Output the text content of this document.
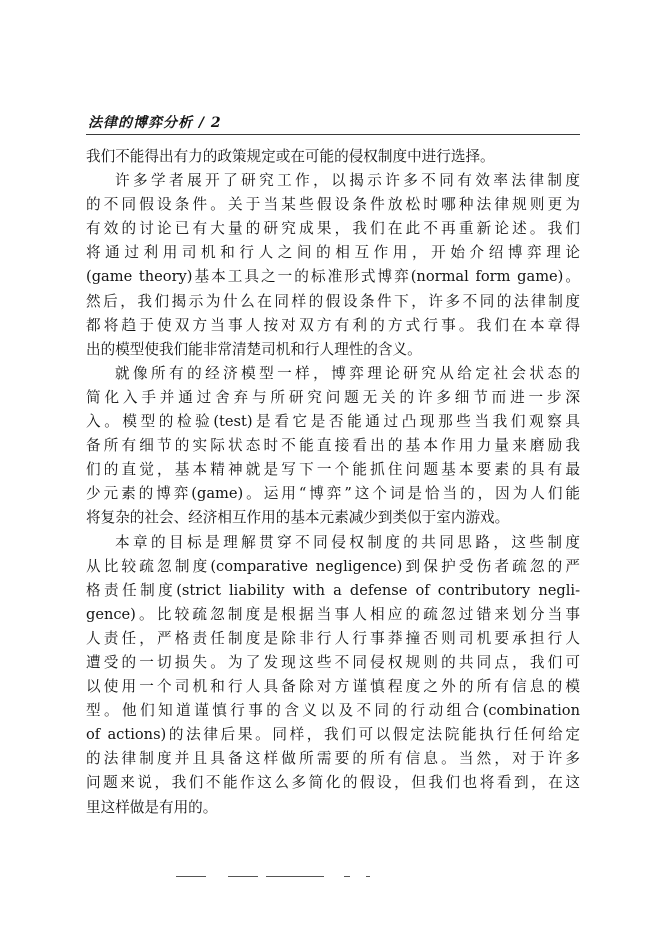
法律的博弈分析 / 2
我们不能得出有力的政策规定或在可能的侵权制度中进行选择。
许多学者展开了研究工作，以揭示许多不同有效率法律制度
的不同假设条件。关于当某些假设条件放松时哪种法律规则更为
有效的讨论已有大量的研究成果，我们在此不再重新论述。我们
将通过利用司机和行人之间的相互作用，开始介绍博弈理论
(game theory)基本工具之一的标准形式博弈(normal form game)。
然后，我们揭示为什么在同样的假设条件下，许多不同的法律制度
都将趋于使双方当事人按对双方有利的方式行事。我们在本章得
出的模型使我们能非常清楚司机和行人理性的含义。
就像所有的经济模型一样，博弈理论研究从给定社会状态的
简化入手并通过舍弃与所研究问题无关的许多细节而进一步深
入。模型的检验(test)是看它是否能通过凸现那些当我们观察具
备所有细节的实际状态时不能直接看出的基本作用力量来磨励我
们的直觉，基本精神就是写下一个能抓住问题基本要素的具有最
少元素的博弈(game)。运用“博弈”这个词是恰当的，因为人们能
将复杂的社会、经济相互作用的基本元素减少到类似于室内游戏。
本章的目标是理解贯穿不同侵权制度的共同思路，这些制度
从比较疏忽制度(comparative negligence)到保护受伤者疏忽的严
格责任制度(strict liability with a defense of contributory negli-
gence)。比较疏忽制度是根据当事人相应的疏忽过错来划分当事
人责任，严格责任制度是除非行人行事莽撞否则司机要承担行人
遭受的一切损失。为了发现这些不同侵权规则的共同点，我们可
以使用一个司机和行人具备除对方谨慎程度之外的所有信息的模
型。他们知道谨慎行事的含义以及不同的行动组合(combination
of actions)的法律后果。同样，我们可以假定法院能执行任何给定
的法律制度并且具备这样做所需要的所有信息。当然，对于许多
问题来说，我们不能作这么多简化的假设，但我们也将看到，在这
里这样做是有用的。
